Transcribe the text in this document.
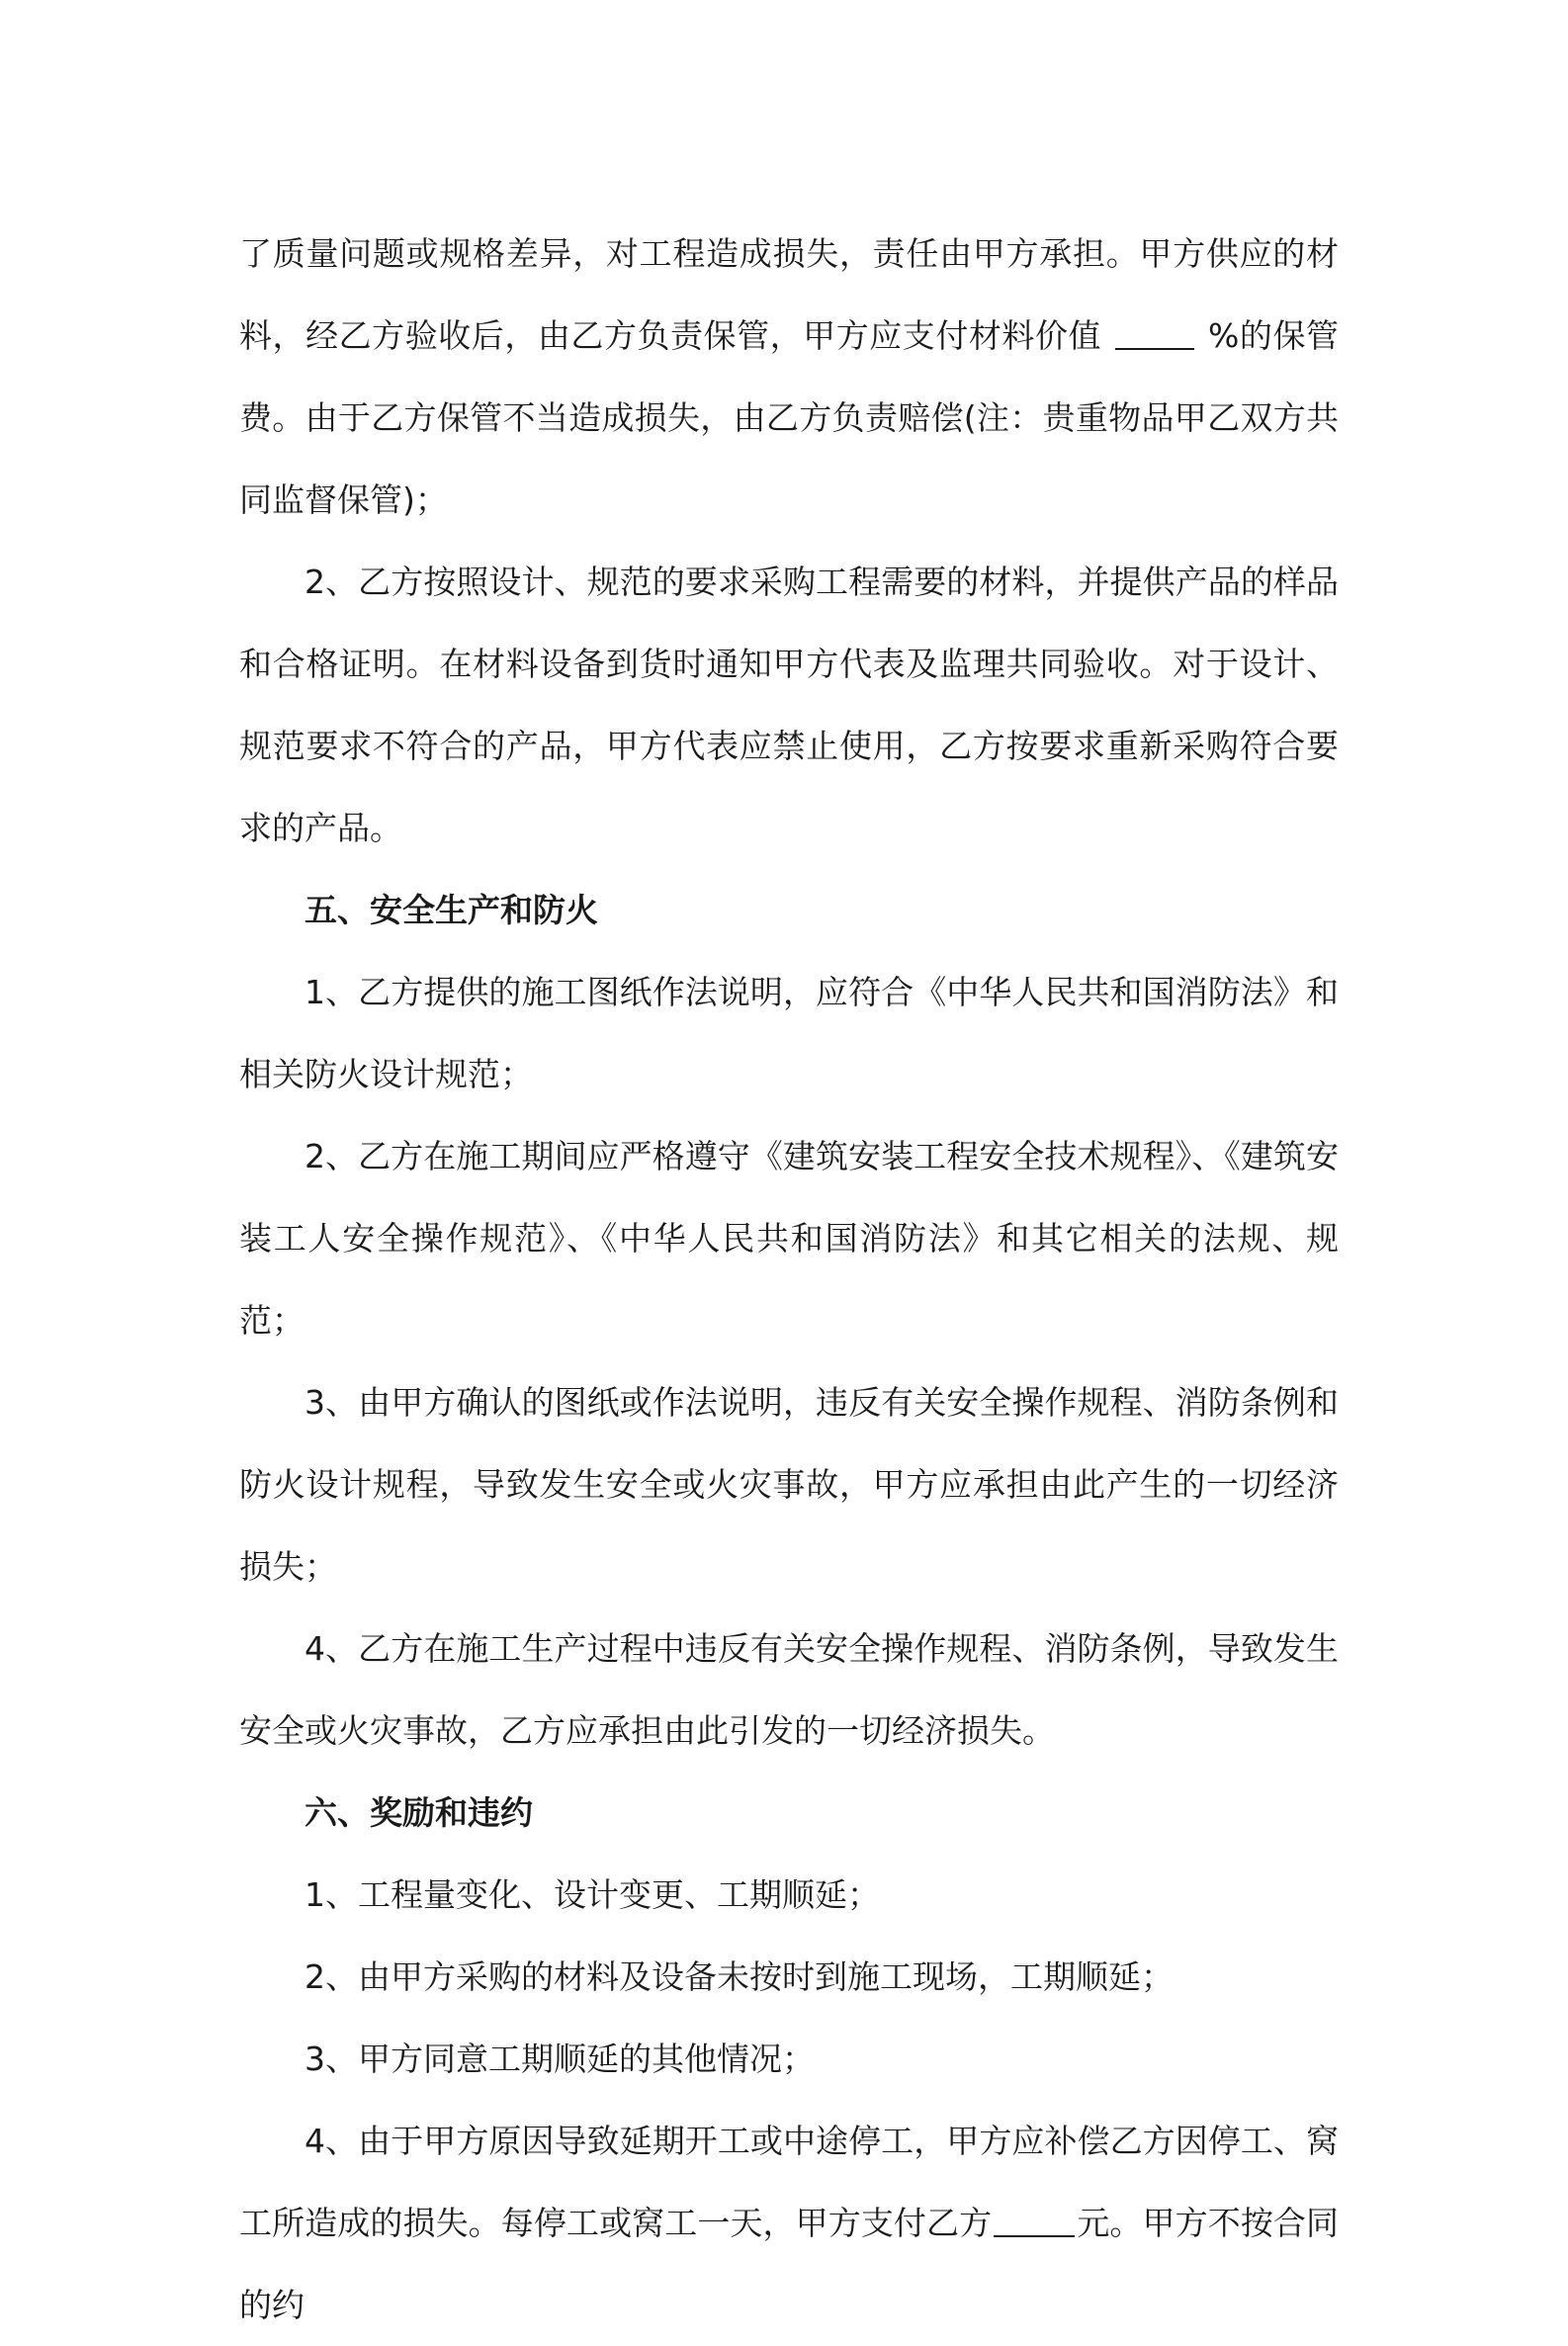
了质量问题或规格差异，对工程造成损失，责任由甲方承担。甲方供应的材料，经乙方验收后，由乙方负责保管，甲方应支付材料价值	%的保管费。由于乙方保管不当造成损失，由乙方负责赔偿(注：贵重物品甲乙双方共同监督保管)；

2、乙方按照设计、规范的要求采购工程需要的材料，并提供产品的样品和合格证明。在材料设备到货时通知甲方代表及监理共同验收。对于设计、规范要求不符合的产品，甲方代表应禁止使用，乙方按要求重新采购符合要求的产品。

五、安全生产和防火

1、乙方提供的施工图纸作法说明，应符合《中华人民共和国消防法》和相关防火设计规范；

2、乙方在施工期间应严格遵守《建筑安装工程安全技术规程》、《建筑安装工人安全操作规范》、《中华人民共和国消防法》和其它相关的法规、规范；

3、由甲方确认的图纸或作法说明，违反有关安全操作规程、消防条例和防火设计规程，导致发生安全或火灾事故，甲方应承担由此产生的一切经济损失；

4、乙方在施工生产过程中违反有关安全操作规程、消防条例，导致发生安全或火灾事故，乙方应承担由此引发的一切经济损失。

六、奖励和违约

1、工程量变化、设计变更、工期顺延；

2、由甲方采购的材料及设备未按时到施工现场，工期顺延；

3、甲方同意工期顺延的其他情况；

4、由于甲方原因导致延期开工或中途停工，甲方应补偿乙方因停工、窝工所造成的损失。每停工或窝工一天，甲方支付乙方	元。甲方不按合同的约
